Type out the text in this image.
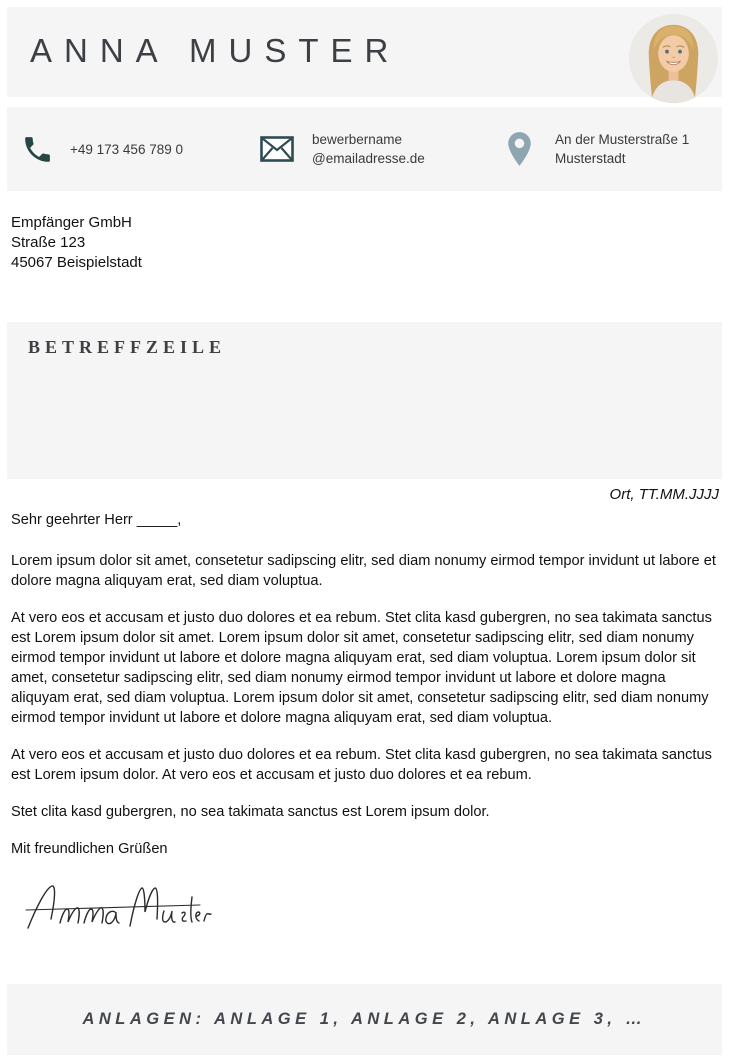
ANNA MUSTER
+49 173 456 789 0
bewerbername
@emailadresse.de
An der Musterstraße 1
Musterstadt
Empfänger GmbH
Straße 123
45067 Beispielstadt
BETREFFZEILE
Ort, TT.MM.JJJJ
Sehr geehrter Herr _____,

Lorem ipsum dolor sit amet, consetetur sadipscing elitr, sed diam nonumy eirmod tempor invidunt ut labore et dolore magna aliquyam erat, sed diam voluptua.

At vero eos et accusam et justo duo dolores et ea rebum. Stet clita kasd gubergren, no sea takimata sanctus est Lorem ipsum dolor sit amet. Lorem ipsum dolor sit amet, consetetur sadipscing elitr, sed diam nonumy eirmod tempor invidunt ut labore et dolore magna aliquyam erat, sed diam voluptua. Lorem ipsum dolor sit amet, consetetur sadipscing elitr, sed diam nonumy eirmod tempor invidunt ut labore et dolore magna aliquyam erat, sed diam voluptua. Lorem ipsum dolor sit amet, consetetur sadipscing elitr, sed diam nonumy eirmod tempor invidunt ut labore et dolore magna aliquyam erat, sed diam voluptua.

At vero eos et accusam et justo duo dolores et ea rebum. Stet clita kasd gubergren, no sea takimata sanctus est Lorem ipsum dolor. At vero eos et accusam et justo duo dolores et ea rebum.

Stet clita kasd gubergren, no sea takimata sanctus est Lorem ipsum dolor.

Mit freundlichen Grüßen
ANLAGEN: ANLAGE 1, ANLAGE 2, ANLAGE 3, …
